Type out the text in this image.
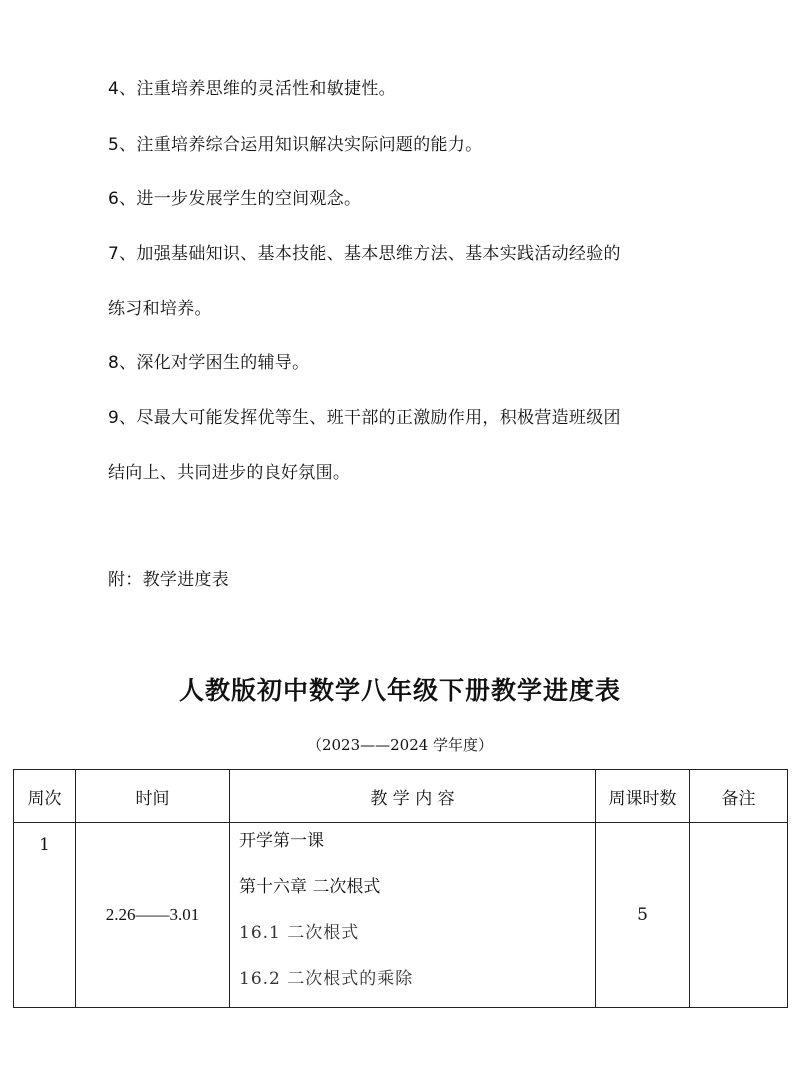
4、注重培养思维的灵活性和敏捷性。
5、注重培养综合运用知识解决实际问题的能力。
6、进一步发展学生的空间观念。
7、加强基础知识、基本技能、基本思维方法、基本实践活动经验的
练习和培养。
8、深化对学困生的辅导。
9、尽最大可能发挥优等生、班干部的正激励作用，积极营造班级团
结向上、共同进步的良好氛围。
附：教学进度表
人教版初中数学八年级下册教学进度表
（2023——2024 学年度）
周次	时间	教 学 内 容	周课时数	备注
1	2.26——3.01	开学第一课
第十六章 二次根式
16.1 二次根式
16.2 二次根式的乘除	5	
